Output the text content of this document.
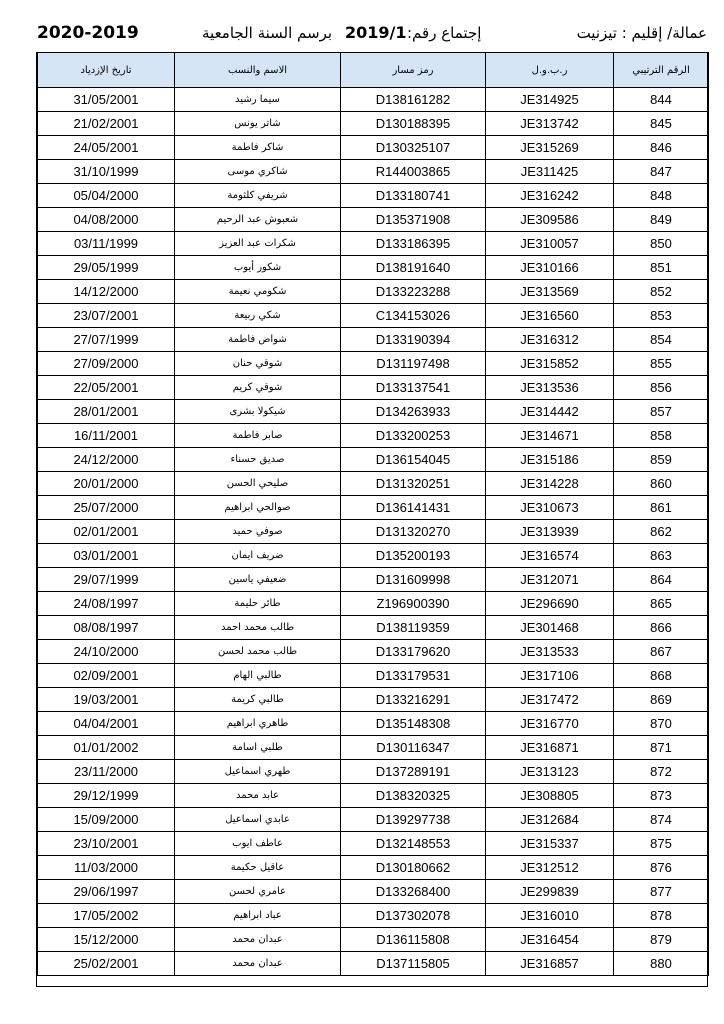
2020-2019	برسم السنة الجامعية 2019/1 إجتماع رقم:	عمالة/ إقليم : تيزنيت
تاريخ الإزدياد	الاسم والنسب	رمز مسار	ر.ب.و.ل	الرقم الترتيبي
31/05/2001	سيما رشيد	D138161282	JE314925	844
21/02/2001	شاتر يونس	D130188395	JE313742	845
24/05/2001	شاكر فاطمة	D130325107	JE315269	846
31/10/1999	شاكري موسى	R144003865	JE311425	847
05/04/2000	شريفي كلثومة	D133180741	JE316242	848
04/08/2000	شعبوش عبد الرحيم	D135371908	JE309586	849
03/11/1999	شكرات عبد العزيز	D133186395	JE310057	850
29/05/1999	شكور أيوب	D138191640	JE310166	851
14/12/2000	شكومي نعيمة	D133223288	JE313569	852
23/07/2001	شكي ربيعة	C134153026	JE316560	853
27/07/1999	شواض فاطمة	D133190394	JE316312	854
27/09/2000	شوقي حنان	D131197498	JE315852	855
22/05/2001	شوقي كريم	D133137541	JE313536	856
28/01/2001	شيكولا بشرى	D134263933	JE314442	857
16/11/2001	صابر فاطمة	D133200253	JE314671	858
24/12/2000	صديق حسناء	D136154045	JE315186	859
20/01/2000	صليحي الحسن	D131320251	JE314228	860
25/07/2000	صوالحي ابراهيم	D136141431	JE310673	861
02/01/2001	صوفي حميد	D131320270	JE313939	862
03/01/2001	ضريف ايمان	D135200193	JE316574	863
29/07/1999	ضعيفي ياسين	D131609998	JE312071	864
24/08/1997	طائر حليمة	Z196900390	JE296690	865
08/08/1997	طالب محمد احمد	D138119359	JE301468	866
24/10/2000	طالب محمد لحسن	D133179620	JE313533	867
02/09/2001	طالبي الهام	D133179531	JE317106	868
19/03/2001	طالبي كريمة	D133216291	JE317472	869
04/04/2001	طاهري ابراهيم	D135148308	JE316770	870
01/01/2002	طلبي اسامة	D130116347	JE316871	871
23/11/2000	طهري اسماعيل	D137289191	JE313123	872
29/12/1999	عابد محمد	D138320325	JE308805	873
15/09/2000	عابدي اسماعيل	D139297738	JE312684	874
23/10/2001	عاطف ايوب	D132148553	JE315337	875
11/03/2000	عاقيل حكيمة	D130180662	JE312512	876
29/06/1997	عامري لحسن	D133268400	JE299839	877
17/05/2002	عباد ابراهيم	D137302078	JE316010	878
15/12/2000	عبدان محمد	D136115808	JE316454	879
25/02/2001	عبدان محمد	D137115805	JE316857	880
